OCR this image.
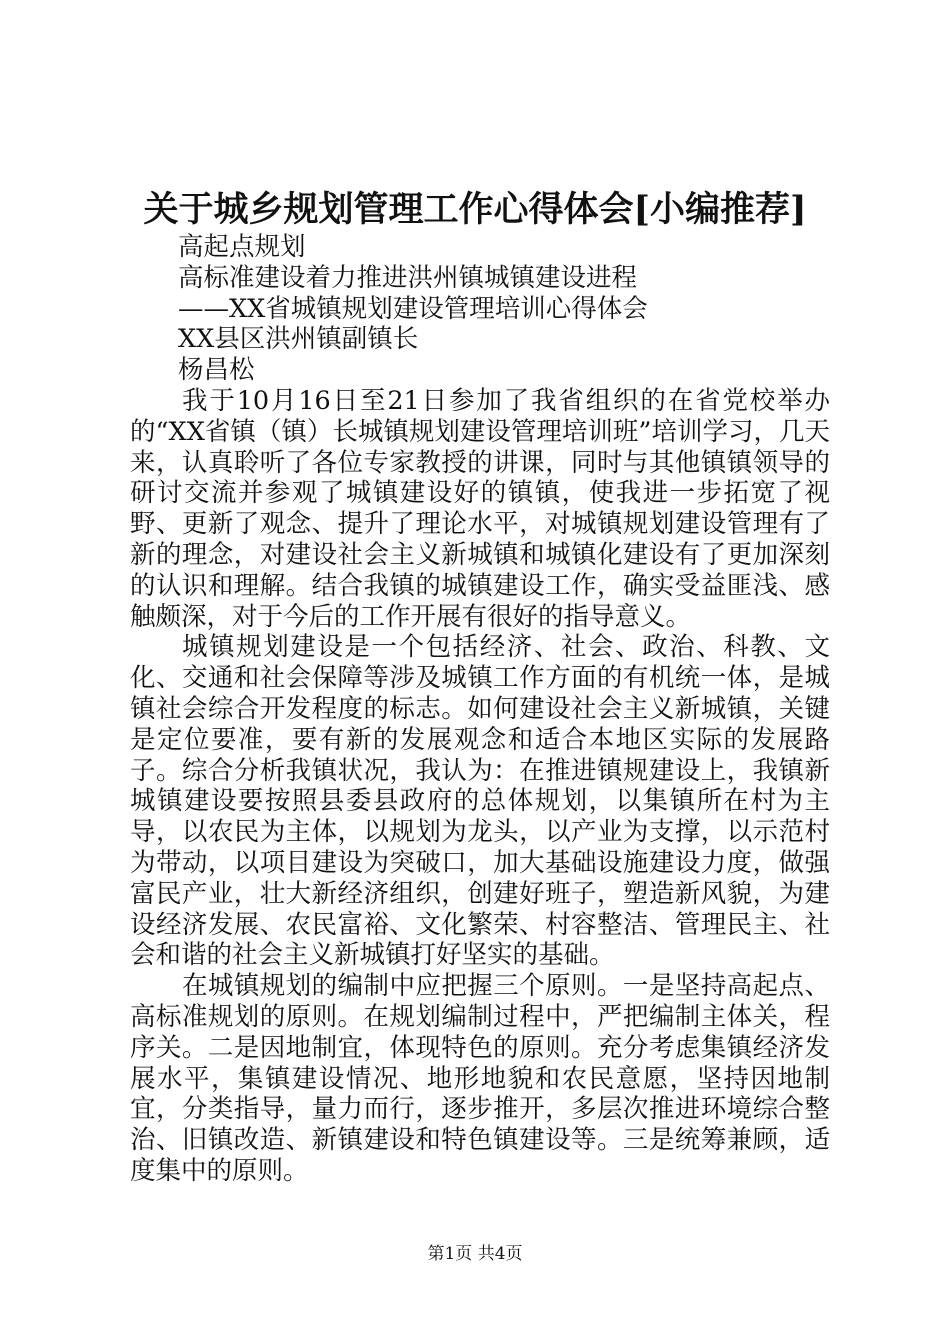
关于城乡规划管理工作心得体会[小编推荐]

高起点规划

高标准建设着力推进洪州镇城镇建设进程

——XX省城镇规划建设管理培训心得体会

XX县区洪州镇副镇长

杨昌松

我于10月16日至21日参加了我省组织的在省党校举办的“XX省镇（镇）长城镇规划建设管理培训班”培训学习，几天来，认真聆听了各位专家教授的讲课，同时与其他镇镇领导的研讨交流并参观了城镇建设好的镇镇，使我进一步拓宽了视野、更新了观念、提升了理论水平，对城镇规划建设管理有了新的理念，对建设社会主义新城镇和城镇化建设有了更加深刻的认识和理解。结合我镇的城镇建设工作，确实受益匪浅、感触颇深，对于今后的工作开展有很好的指导意义。

城镇规划建设是一个包括经济、社会、政治、科教、文化、交通和社会保障等涉及城镇工作方面的有机统一体，是城镇社会综合开发程度的标志。如何建设社会主义新城镇，关键是定位要准，要有新的发展观念和适合本地区实际的发展路子。综合分析我镇状况，我认为：在推进镇规建设上，我镇新城镇建设要按照县委县政府的总体规划，以集镇所在村为主导，以农民为主体，以规划为龙头，以产业为支撑，以示范村为带动，以项目建设为突破口，加大基础设施建设力度，做强富民产业，壮大新经济组织，创建好班子，塑造新风貌，为建设经济发展、农民富裕、文化繁荣、村容整洁、管理民主、社会和谐的社会主义新城镇打好坚实的基础。

在城镇规划的编制中应把握三个原则。一是坚持高起点、高标准规划的原则。在规划编制过程中，严把编制主体关，程序关。二是因地制宜，体现特色的原则。充分考虑集镇经济发展水平，集镇建设情况、地形地貌和农民意愿，坚持因地制宜，分类指导，量力而行，逐步推开，多层次推进环境综合整治、旧镇改造、新镇建设和特色镇建设等。三是统筹兼顾，适度集中的原则。

第1页 共4页
